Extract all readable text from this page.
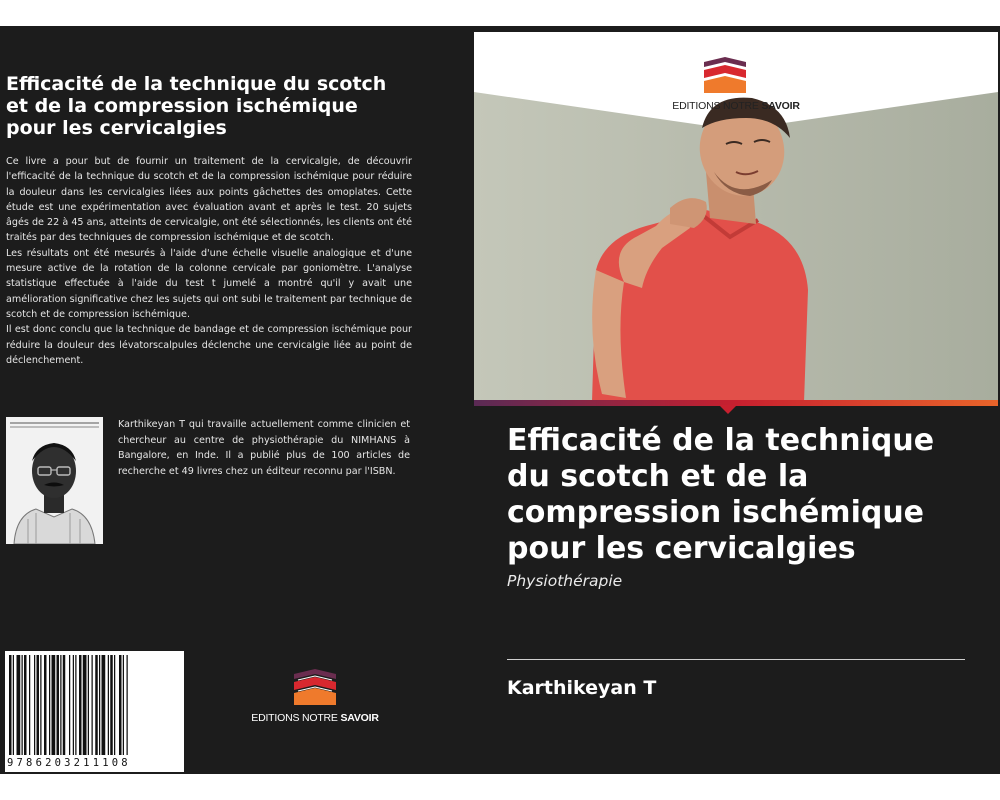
Efficacité de la technique du scotch et de la compression ischémique pour les cervicalgies

Ce livre a pour but de fournir un traitement de la cervicalgie, de découvrir l'efficacité de la technique du scotch et de la compression ischémique pour réduire la douleur dans les cervicalgies liées aux points gâchettes des omoplates. Cette étude est une expérimentation avec évaluation avant et après le test. 20 sujets âgés de 22 à 45 ans, atteints de cervicalgie, ont été sélectionnés, les clients ont été traités par des techniques de compression ischémique et de scotch.

Les résultats ont été mesurés à l'aide d'une échelle visuelle analogique et d'une mesure active de la rotation de la colonne cervicale par goniomètre. L'analyse statistique effectuée à l'aide du test t jumelé a montré qu'il y avait une amélioration significative chez les sujets qui ont subi le traitement par technique de scotch et de compression ischémique.

Il est donc conclu que la technique de bandage et de compression ischémique pour réduire la douleur des lévatorscalpules déclenche une cervicalgie liée au point de déclenchement.

Karthikeyan T qui travaille actuellement comme clinicien et chercheur au centre de physiothérapie du NIMHANS à Bangalore, en Inde. Il a publié plus de 100 articles de recherche et 49 livres chez un éditeur reconnu par l'ISBN.

9786203211108
EDITIONS NOTRE SAVOIR
EDITIONS NOTRE SAVOIR
Efficacité de la technique du scotch et de la compression ischémique pour les cervicalgies
Physiothérapie
Karthikeyan T
